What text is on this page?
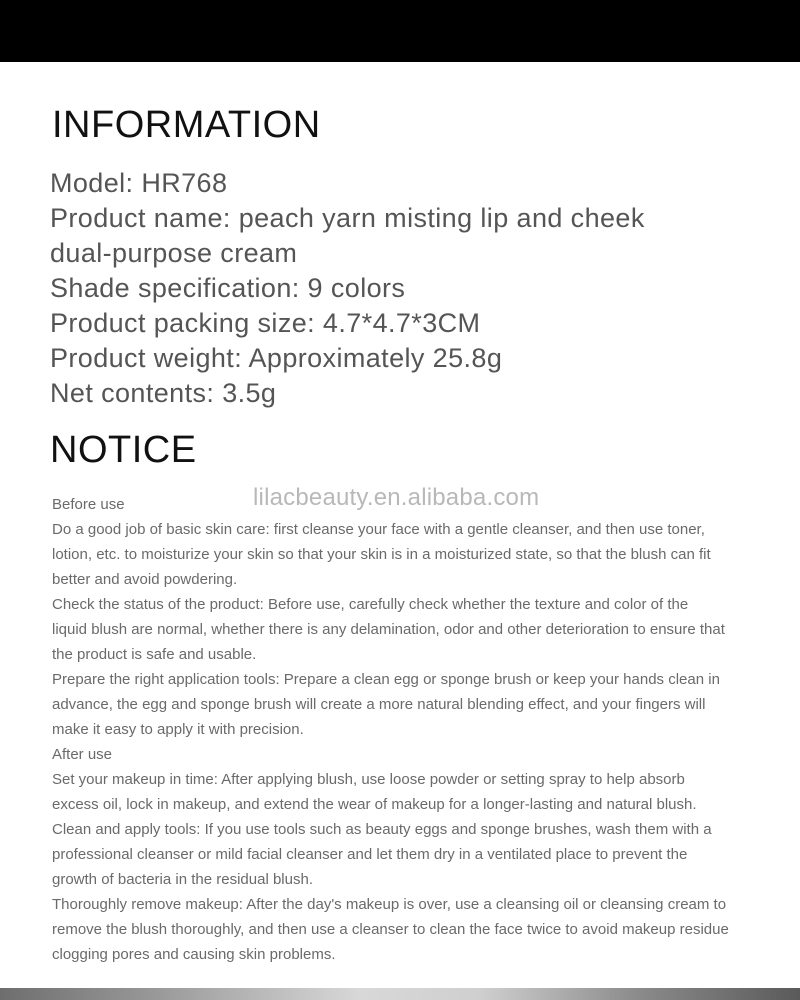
INFORMATION
Model: HR768
Product name: peach yarn misting lip and cheek
dual-purpose cream
Shade specification: 9 colors
Product packing size: 4.7*4.7*3CM
Product weight: Approximately 25.8g
Net contents: 3.5g
NOTICE
Before use
Do a good job of basic skin care: first cleanse your face with a gentle cleanser, and then use toner,
lotion, etc. to moisturize your skin so that your skin is in a moisturized state, so that the blush can fit
better and avoid powdering.
Check the status of the product: Before use, carefully check whether the texture and color of the
liquid blush are normal, whether there is any delamination, odor and other deterioration to ensure that
the product is safe and usable.
Prepare the right application tools: Prepare a clean egg or sponge brush or keep your hands clean in
advance, the egg and sponge brush will create a more natural blending effect, and your fingers will
make it easy to apply it with precision.
After use
Set your makeup in time: After applying blush, use loose powder or setting spray to help absorb
excess oil, lock in makeup, and extend the wear of makeup for a longer-lasting and natural blush.
Clean and apply tools: If you use tools such as beauty eggs and sponge brushes, wash them with a
professional cleanser or mild facial cleanser and let them dry in a ventilated place to prevent the
growth of bacteria in the residual blush.
Thoroughly remove makeup: After the day's makeup is over, use a cleansing oil or cleansing cream to
remove the blush thoroughly, and then use a cleanser to clean the face twice to avoid makeup residue
clogging pores and causing skin problems.
lilacbeauty.en.alibaba.com
